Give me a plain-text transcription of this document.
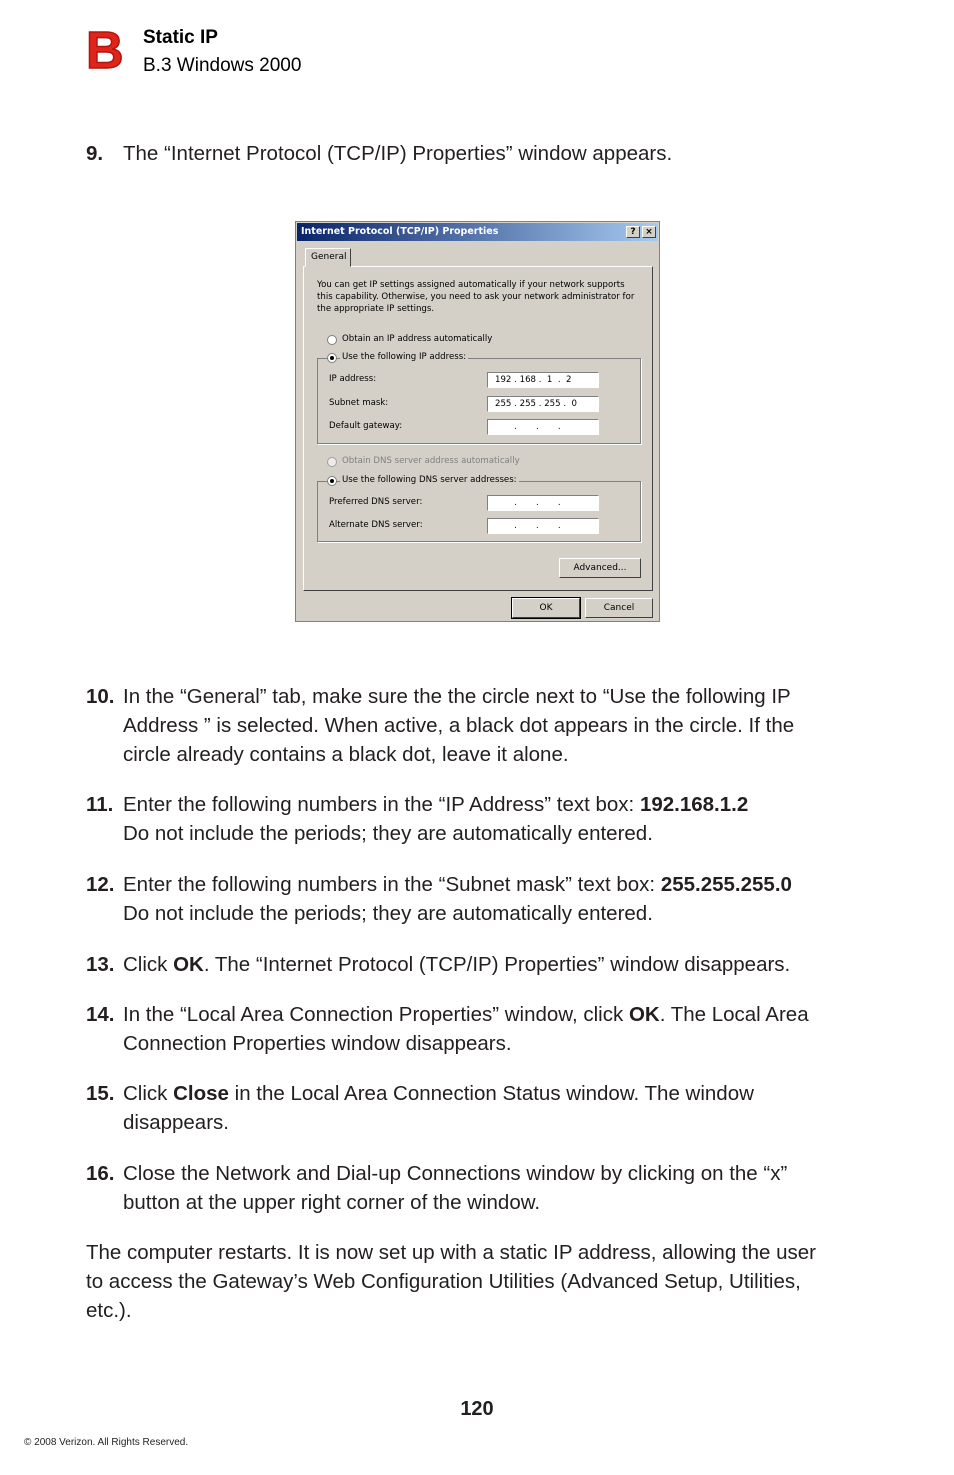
B Static IP
B.3 Windows 2000
9. The “Internet Protocol (TCP/IP) Properties” window appears.
Internet Protocol (TCP/IP) Properties	?	×
General
You can get IP settings assigned automatically if your network supports
this capability. Otherwise, you need to ask your network administrator for
the appropriate IP settings.
Obtain an IP address automatically
Use the following IP address:
IP address:	192 . 168 .  1  .  2
Subnet mask:	255 . 255 . 255 .  0
Default gateway:	.       .       .
Obtain DNS server address automatically
Use the following DNS server addresses:
Preferred DNS server:	.       .       .
Alternate DNS server:	.       .       .
Advanced...
OK	Cancel
10. In the “General” tab, make sure the the circle next to “Use the following IP
Address ” is selected. When active, a black dot appears in the circle. If the
circle already contains a black dot, leave it alone.
11. Enter the following numbers in the “IP Address” text box: 192.168.1.2
Do not include the periods; they are automatically entered.
12. Enter the following numbers in the “Subnet mask” text box: 255.255.255.0
Do not include the periods; they are automatically entered.
13. Click OK. The “Internet Protocol (TCP/IP) Properties” window disappears.
14. In the “Local Area Connection Properties” window, click OK. The Local Area
Connection Properties window disappears.
15. Click Close in the Local Area Connection Status window. The window
disappears.
16. Close the Network and Dial-up Connections window by clicking on the “x”
button at the upper right corner of the window.
The computer restarts. It is now set up with a static IP address, allowing the user
to access the Gateway’s Web Configuration Utilities (Advanced Setup, Utilities,
etc.).
120
© 2008 Verizon. All Rights Reserved.
